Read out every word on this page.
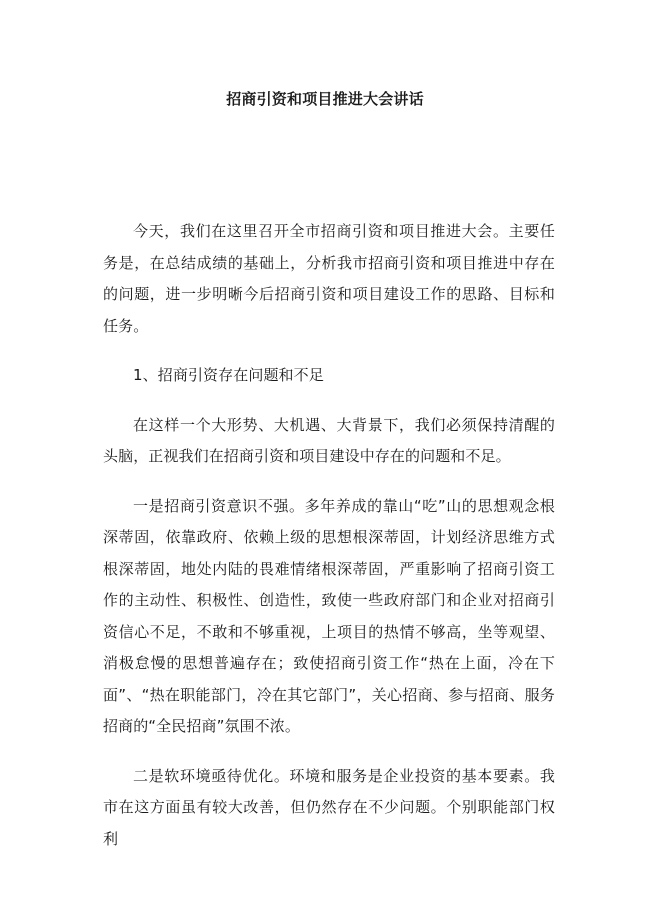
招商引资和项目推进大会讲话

今天，我们在这里召开全市招商引资和项目推进大会。主要任务是，在总结成绩的基础上，分析我市招商引资和项目推进中存在的问题，进一步明晰今后招商引资和项目建设工作的思路、目标和任务。

1、招商引资存在问题和不足

在这样一个大形势、大机遇、大背景下，我们必须保持清醒的头脑，正视我们在招商引资和项目建设中存在的问题和不足。

一是招商引资意识不强。多年养成的靠山“吃”山的思想观念根深蒂固，依靠政府、依赖上级的思想根深蒂固，计划经济思维方式根深蒂固，地处内陆的畏难情绪根深蒂固，严重影响了招商引资工作的主动性、积极性、创造性，致使一些政府部门和企业对招商引资信心不足，不敢和不够重视，上项目的热情不够高，坐等观望、消极怠慢的思想普遍存在；致使招商引资工作“热在上面，冷在下面”、“热在职能部门，冷在其它部门”，关心招商、参与招商、服务招商的“全民招商”氛围不浓。

二是软环境亟待优化。环境和服务是企业投资的基本要素。我市在这方面虽有较大改善，但仍然存在不少问题。个别职能部门权利
